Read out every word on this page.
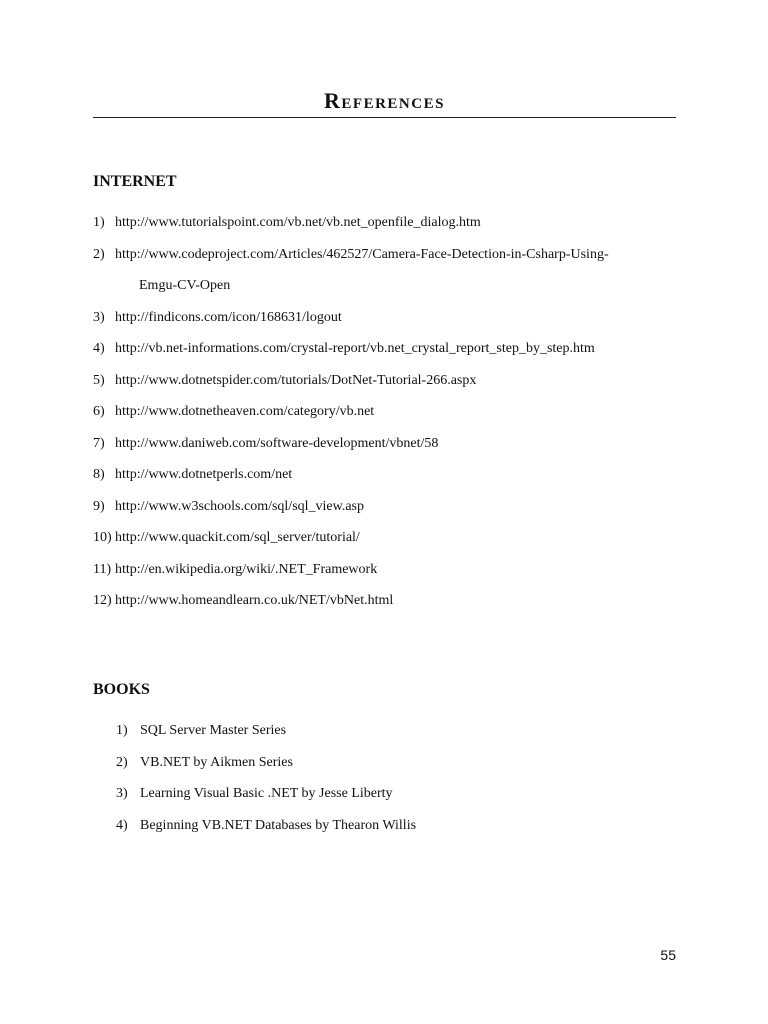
References
INTERNET
1) http://www.tutorialspoint.com/vb.net/vb.net_openfile_dialog.htm
2) http://www.codeproject.com/Articles/462527/Camera-Face-Detection-in-Csharp-Using-
Emgu-CV-Open
3) http://findicons.com/icon/168631/logout
4) http://vb.net-informations.com/crystal-report/vb.net_crystal_report_step_by_step.htm
5) http://www.dotnetspider.com/tutorials/DotNet-Tutorial-266.aspx
6) http://www.dotnetheaven.com/category/vb.net
7) http://www.daniweb.com/software-development/vbnet/58
8) http://www.dotnetperls.com/net
9) http://www.w3schools.com/sql/sql_view.asp
10) http://www.quackit.com/sql_server/tutorial/
11) http://en.wikipedia.org/wiki/.NET_Framework
12) http://www.homeandlearn.co.uk/NET/vbNet.html
BOOKS
1) SQL Server Master Series
2) VB.NET by Aikmen Series
3) Learning Visual Basic .NET by Jesse Liberty
4) Beginning VB.NET Databases by Thearon Willis
55
